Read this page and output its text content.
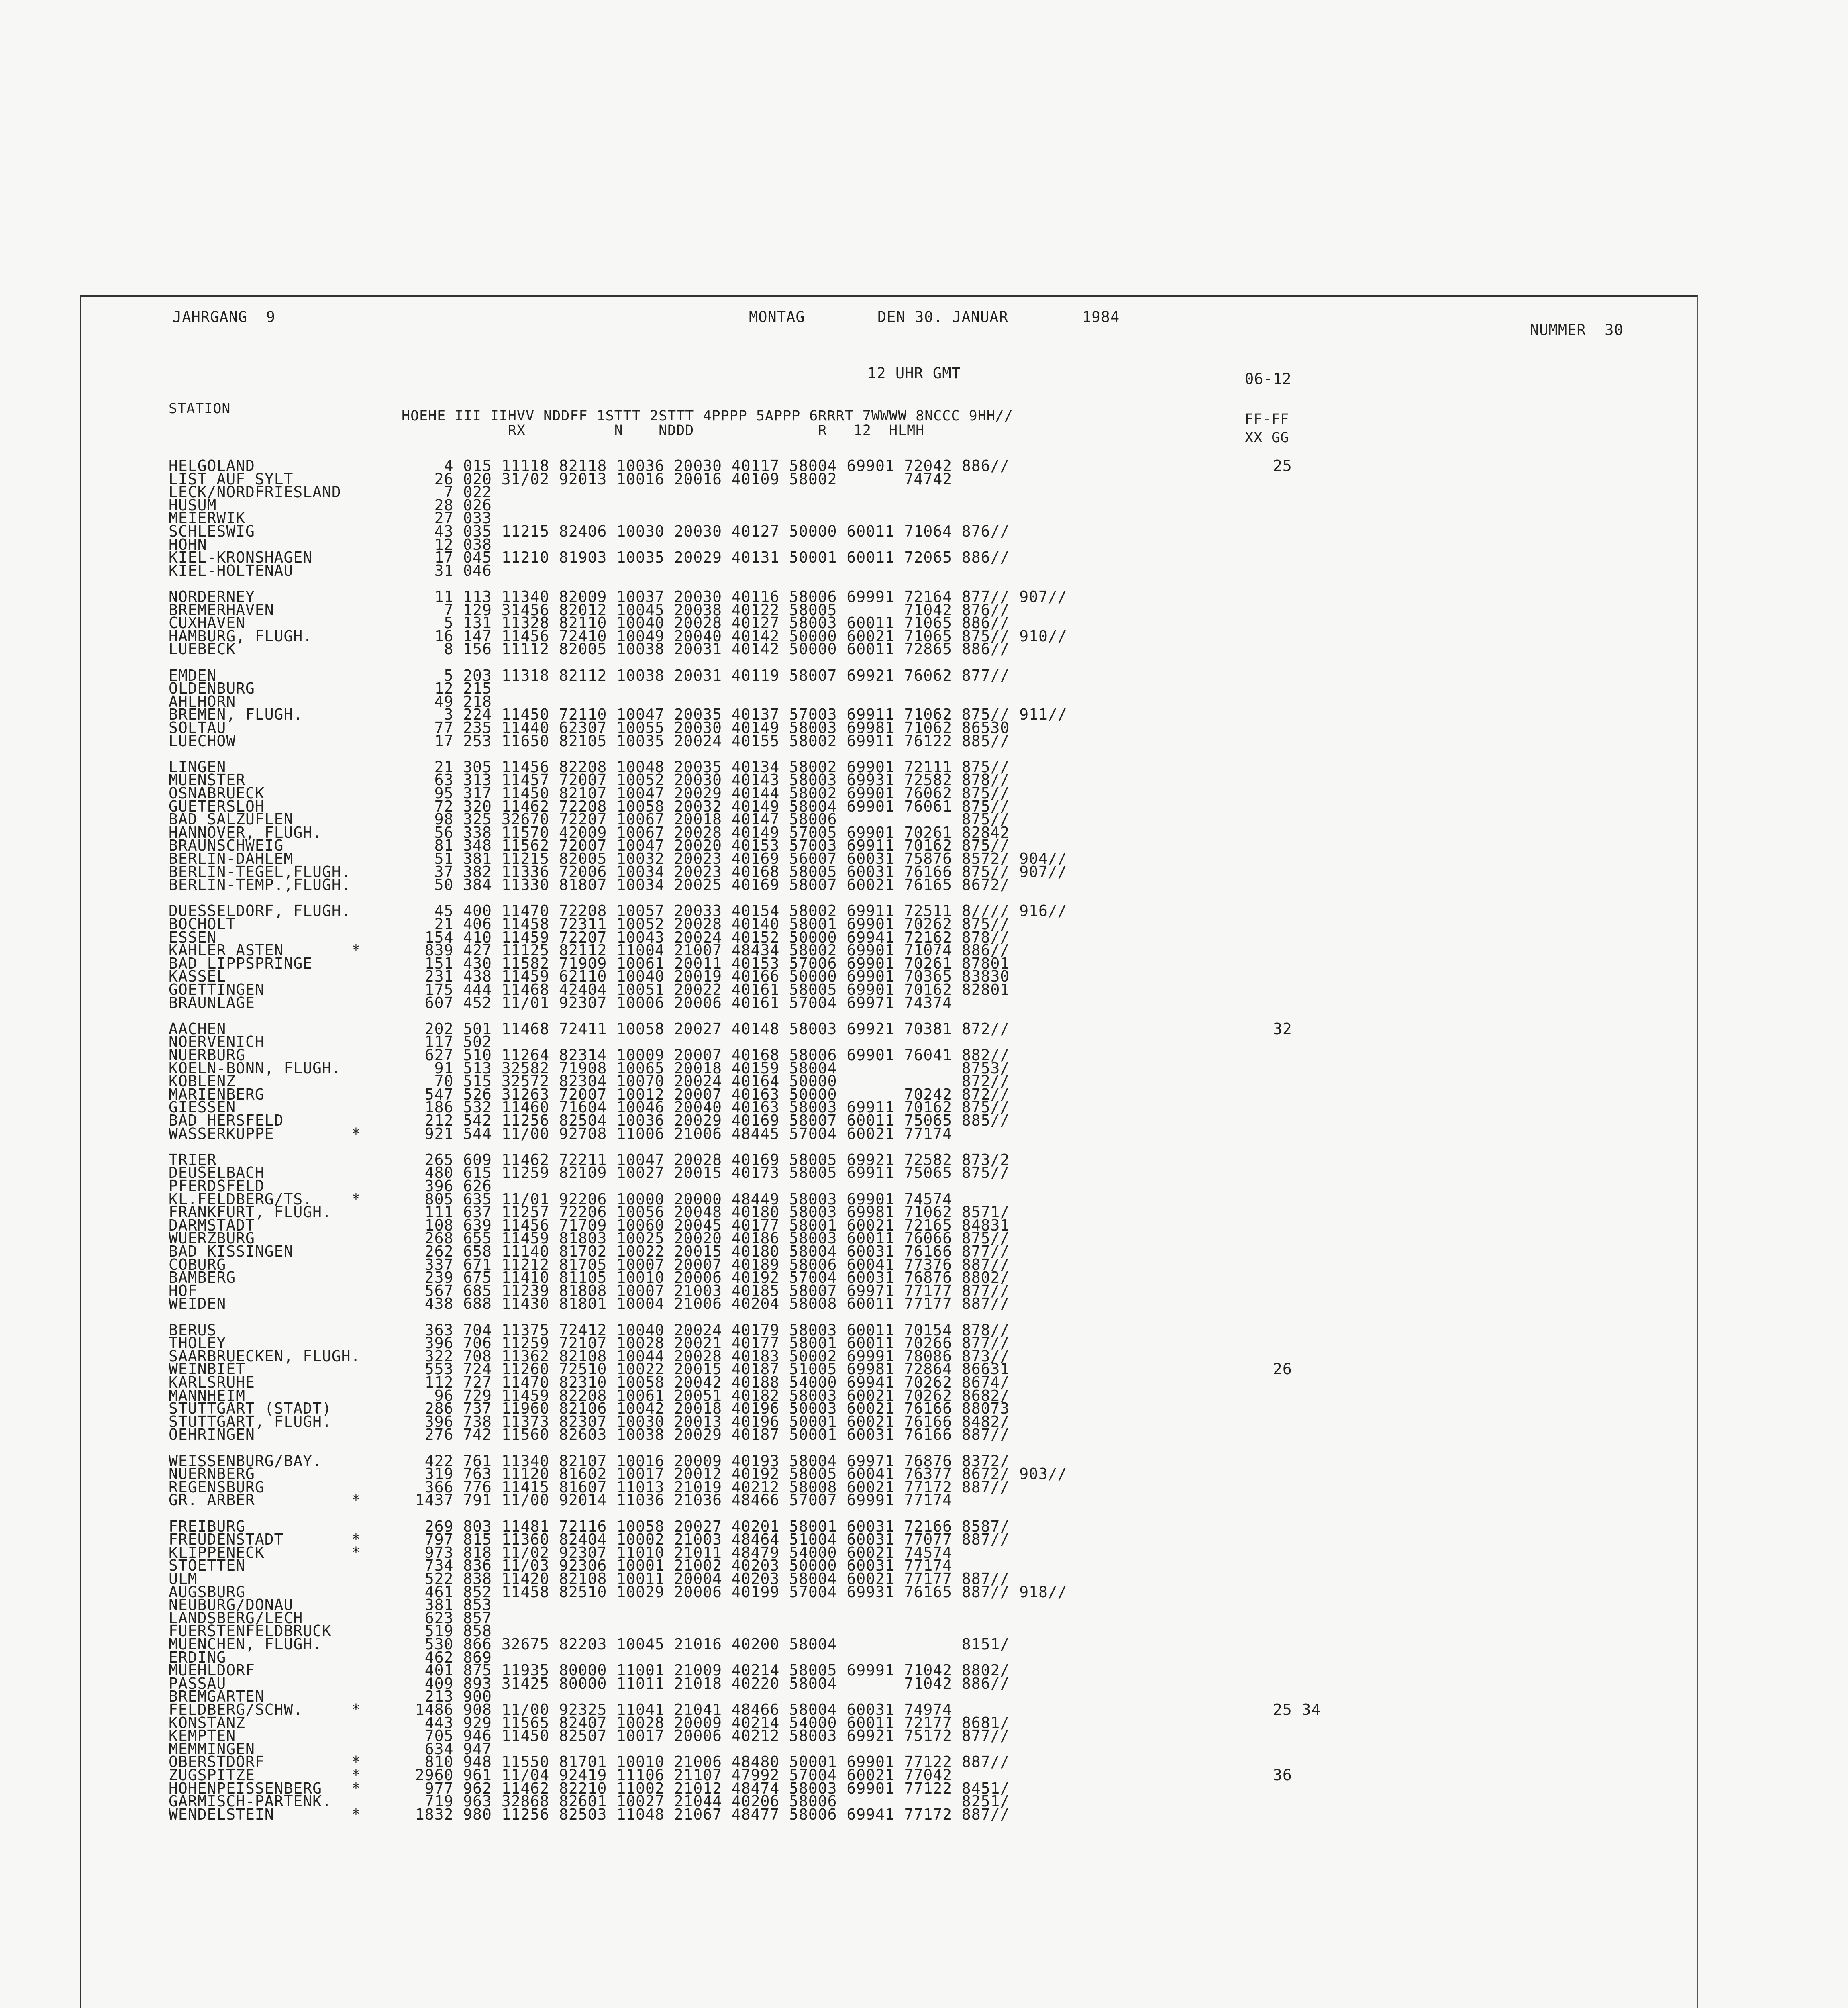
JAHRGANG  9	MONTAG	DEN 30. JANUAR	1984
NUMMER  30
12 UHR GMT	06-12
STATION	HOEHE III IIHVV NDDFF 1STTT 2STTT 4PPPP 5APPP 6RRRT 7WWWW 8NCCC 9HH//
RX          N    NDDD              R   12  HLMH
FF-FF
XX GG
HELGOLAND	4 015 11118 82118 10036 20030 40117 58004 69901 72042 886//	25
LIST AUF SYLT	26 020 31/02 92013 10016 20016 40109 58002       74742
LECK/NORDFRIESLAND	7 022
HUSUM	28 026
MEIERWIK	27 033
SCHLESWIG	43 035 11215 82406 10030 20030 40127 50000 60011 71064 876//
HOHN	12 038
KIEL-KRONSHAGEN	17 045 11210 81903 10035 20029 40131 50001 60011 72065 886//
KIEL-HOLTENAU	31 046
NORDERNEY	11 113 11340 82009 10037 20030 40116 58006 69991 72164 877// 907//
BREMERHAVEN	7 129 31456 82012 10045 20038 40122 58005       71042 876//
CUXHAVEN	5 131 11328 82110 10040 20028 40127 58003 60011 71065 886//
HAMBURG, FLUGH.	16 147 11456 72410 10049 20040 40142 50000 60021 71065 875// 910//
LUEBECK	8 156 11112 82005 10038 20031 40142 50000 60011 72865 886//
EMDEN	5 203 11318 82112 10038 20031 40119 58007 69921 76062 877//
OLDENBURG	12 215
AHLHORN	49 218
BREMEN, FLUGH.	3 224 11450 72110 10047 20035 40137 57003 69911 71062 875// 911//
SOLTAU	77 235 11440 62307 10055 20030 40149 58003 69981 71062 86530
LUECHOW	17 253 11650 82105 10035 20024 40155 58002 69911 76122 885//
LINGEN	21 305 11456 82208 10048 20035 40134 58002 69901 72111 875//
MUENSTER	63 313 11457 72007 10052 20030 40143 58003 69931 72582 878//
OSNABRUECK	95 317 11450 82107 10047 20029 40144 58002 69901 76062 875//
GUETERSLOH	72 320 11462 72208 10058 20032 40149 58004 69901 76061 875//
BAD SALZUFLEN	98 325 32670 72207 10067 20018 40147 58006             875//
HANNOVER, FLUGH.	56 338 11570 42009 10067 20028 40149 57005 69901 70261 82842
BRAUNSCHWEIG	81 348 11562 72007 10047 20020 40153 57003 69911 70162 875//
BERLIN-DAHLEM	51 381 11215 82005 10032 20023 40169 56007 60031 75876 8572/ 904//
BERLIN-TEGEL,FLUGH.	37 382 11336 72006 10034 20023 40168 58005 60031 76166 875// 907//
BERLIN-TEMP.,FLUGH.	50 384 11330 81807 10034 20025 40169 58007 60021 76165 8672/
DUESSELDORF, FLUGH.	45 400 11470 72208 10057 20033 40154 58002 69911 72511 8//// 916//
BOCHOLT	21 406 11458 72311 10052 20028 40140 58001 69901 70262 875//
ESSEN	154 410 11459 72207 10043 20024 40152 50000 69941 72162 878//
KAHLER ASTEN	*	839 427 11125 82112 11004 21007 48434 58002 69901 71074 886//
BAD LIPPSPRINGE	151 430 11582 71909 10061 20011 40153 57006 69901 70261 87801
KASSEL	231 438 11459 62110 10040 20019 40166 50000 69901 70365 83830
GOETTINGEN	175 444 11468 42404 10051 20022 40161 58005 69901 70162 82801
BRAUNLAGE	607 452 11/01 92307 10006 20006 40161 57004 69971 74374
AACHEN	202 501 11468 72411 10058 20027 40148 58003 69921 70381 872//	32
NOERVENICH	117 502
NUERBURG	627 510 11264 82314 10009 20007 40168 58006 69901 76041 882//
KOELN-BONN, FLUGH.	91 513 32582 71908 10065 20018 40159 58004             8753/
KOBLENZ	70 515 32572 82304 10070 20024 40164 50000             872//
MARIENBERG	547 526 31263 72007 10012 20007 40163 50000       70242 872//
GIESSEN	186 532 11460 71604 10046 20040 40163 58003 69911 70162 875//
BAD HERSFELD	212 542 11256 82504 10036 20029 40169 58007 60011 75065 885//
WASSERKUPPE	*	921 544 11/00 92708 11006 21006 48445 57004 60021 77174
TRIER	265 609 11462 72211 10047 20028 40169 58005 69921 72582 873/2
DEUSELBACH	480 615 11259 82109 10027 20015 40173 58005 69911 75065 875//
PFERDSFELD	396 626
KL.FELDBERG/TS.	*	805 635 11/01 92206 10000 20000 48449 58003 69901 74574
FRANKFURT, FLUGH.	111 637 11257 72206 10056 20048 40180 58003 69981 71062 8571/
DARMSTADT	108 639 11456 71709 10060 20045 40177 58001 60021 72165 84831
WUERZBURG	268 655 11459 81803 10025 20020 40186 58003 60011 76066 875//
BAD KISSINGEN	262 658 11140 81702 10022 20015 40180 58004 60031 76166 877//
COBURG	337 671 11212 81705 10007 20007 40189 58006 60041 77376 887//
BAMBERG	239 675 11410 81105 10010 20006 40192 57004 60031 76876 8802/
HOF	567 685 11239 81808 10007 21003 40185 58007 69971 77177 877//
WEIDEN	438 688 11430 81801 10004 21006 40204 58008 60011 77177 887//
BERUS	363 704 11375 72412 10040 20024 40179 58003 60011 70154 878//
THOLEY	396 706 11259 72107 10028 20021 40177 58001 60011 70266 877//
SAARBRUECKEN, FLUGH.	322 708 11362 82108 10044 20028 40183 50002 69991 78086 873//
WEINBIET	553 724 11260 72510 10022 20015 40187 51005 69981 72864 86631	26
KARLSRUHE	112 727 11470 82310 10058 20042 40188 54000 69941 70262 8674/
MANNHEIM	96 729 11459 82208 10061 20051 40182 58003 60021 70262 8682/
STUTTGART (STADT)	286 737 11960 82106 10042 20018 40196 50003 60021 76166 88073
STUTTGART, FLUGH.	396 738 11373 82307 10030 20013 40196 50001 60021 76166 8482/
OEHRINGEN	276 742 11560 82603 10038 20029 40187 50001 60031 76166 887//
WEISSENBURG/BAY.	422 761 11340 82107 10016 20009 40193 58004 69971 76876 8372/
NUERNBERG	319 763 11120 81602 10017 20012 40192 58005 60041 76377 8672/ 903//
REGENSBURG	366 776 11415 81607 11013 21019 40212 58008 60021 77172 887//
GR. ARBER	*	1437 791 11/00 92014 11036 21036 48466 57007 69991 77174
FREIBURG	269 803 11481 72116 10058 20027 40201 58001 60031 72166 8587/
FREUDENSTADT	*	797 815 11360 82404 10002 21003 48464 51004 60031 77077 887//
KLIPPENECK	*	973 818 11/02 92307 11010 21011 48479 54000 60021 74574
STOETTEN	734 836 11/03 92306 10001 21002 40203 50000 60031 77174
ULM	522 838 11420 82108 10011 20004 40203 58004 60021 77177 887//
AUGSBURG	461 852 11458 82510 10029 20006 40199 57004 69931 76165 887// 918//
NEUBURG/DONAU	381 853
LANDSBERG/LECH	623 857
FUERSTENFELDBRUCK	519 858
MUENCHEN, FLUGH.	530 866 32675 82203 10045 21016 40200 58004             8151/
ERDING	462 869
MUEHLDORF	401 875 11935 80000 11001 21009 40214 58005 69991 71042 8802/
PASSAU	409 893 31425 80000 11011 21018 40220 58004       71042 886//
BREMGARTEN	213 900
FELDBERG/SCHW.	*	1486 908 11/00 92325 11041 21041 48466 58004 60031 74974	25 34
KONSTANZ	443 929 11565 82407 10028 20009 40214 54000 60011 72177 8681/
KEMPTEN	705 946 11450 82507 10017 20006 40212 58003 69921 75172 877//
MEMMINGEN	634 947
OBERSTDORF	*	810 948 11550 81701 10010 21006 48480 50001 69901 77122 887//
ZUGSPITZE	*	2960 961 11/04 92419 11106 21107 47992 57004 60021 77042	36
HOHENPEISSENBERG *	977 962 11462 82210 11002 21012 48474 58003 69901 77122 8451/
GARMISCH-PARTENK.	719 963 32868 82601 10027 21044 40206 58006             8251/
WENDELSTEIN	*	1832 980 11256 82503 11048 21067 48477 58006 69941 77172 887//
